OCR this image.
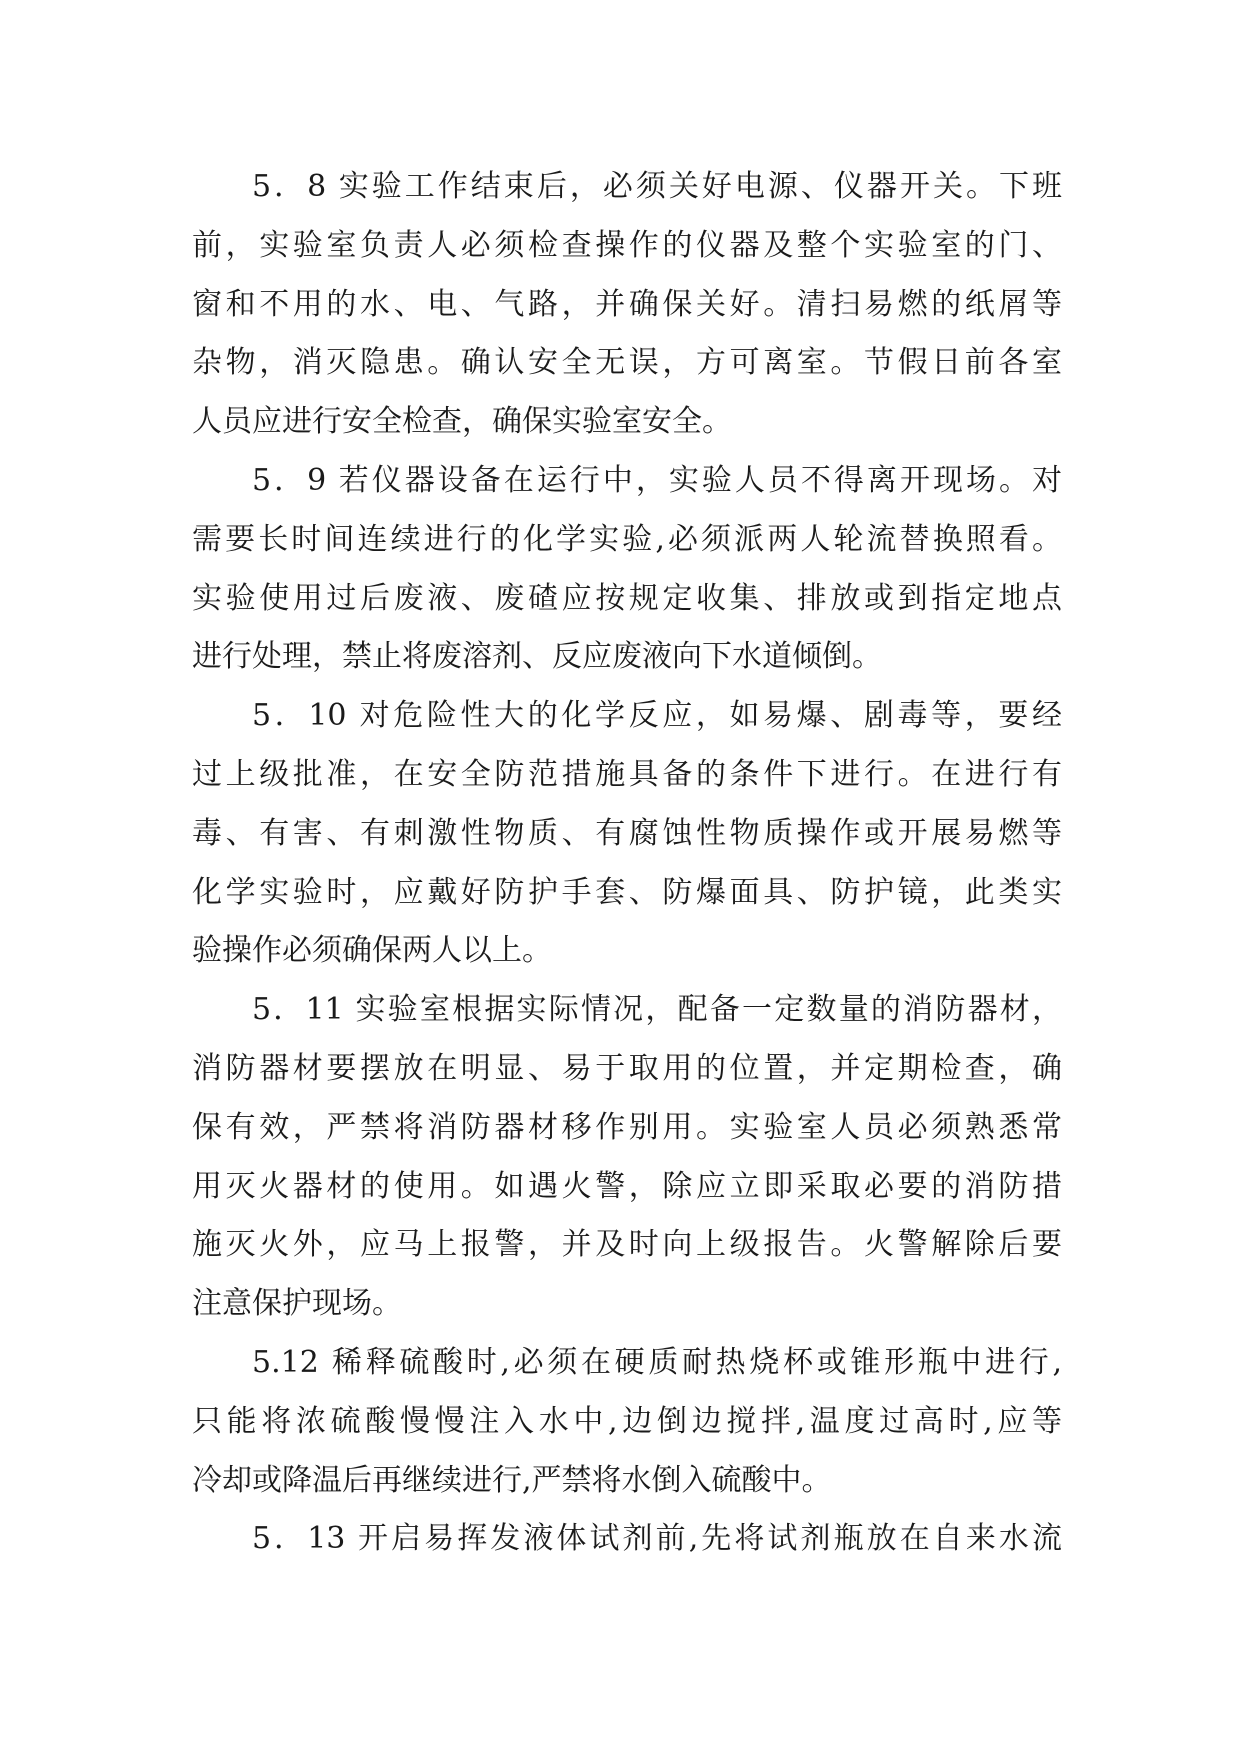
5．8 实验工作结束后，必须关好电源、仪器开关。下班
前，实验室负责人必须检查操作的仪器及整个实验室的门、
窗和不用的水、电、气路，并确保关好。清扫易燃的纸屑等
杂物，消灭隐患。确认安全无误，方可离室。节假日前各室
人员应进行安全检查，确保实验室安全。
5．9 若仪器设备在运行中，实验人员不得离开现场。对
需要长时间连续进行的化学实验,必须派两人轮流替换照看。
实验使用过后废液、废碴应按规定收集、排放或到指定地点
进行处理，禁止将废溶剂、反应废液向下水道倾倒。
5．10 对危险性大的化学反应，如易爆、剧毒等，要经
过上级批准，在安全防范措施具备的条件下进行。在进行有
毒、有害、有刺激性物质、有腐蚀性物质操作或开展易燃等
化学实验时，应戴好防护手套、防爆面具、防护镜，此类实
验操作必须确保两人以上。
5．11 实验室根据实际情况，配备一定数量的消防器材，
消防器材要摆放在明显、易于取用的位置，并定期检查，确
保有效，严禁将消防器材移作别用。实验室人员必须熟悉常
用灭火器材的使用。如遇火警，除应立即采取必要的消防措
施灭火外，应马上报警，并及时向上级报告。火警解除后要
注意保护现场。
5.12 稀释硫酸时,必须在硬质耐热烧杯或锥形瓶中进行,
只能将浓硫酸慢慢注入水中,边倒边搅拌,温度过高时,应等
冷却或降温后再继续进行,严禁将水倒入硫酸中。
5．13 开启易挥发液体试剂前,先将试剂瓶放在自来水流
